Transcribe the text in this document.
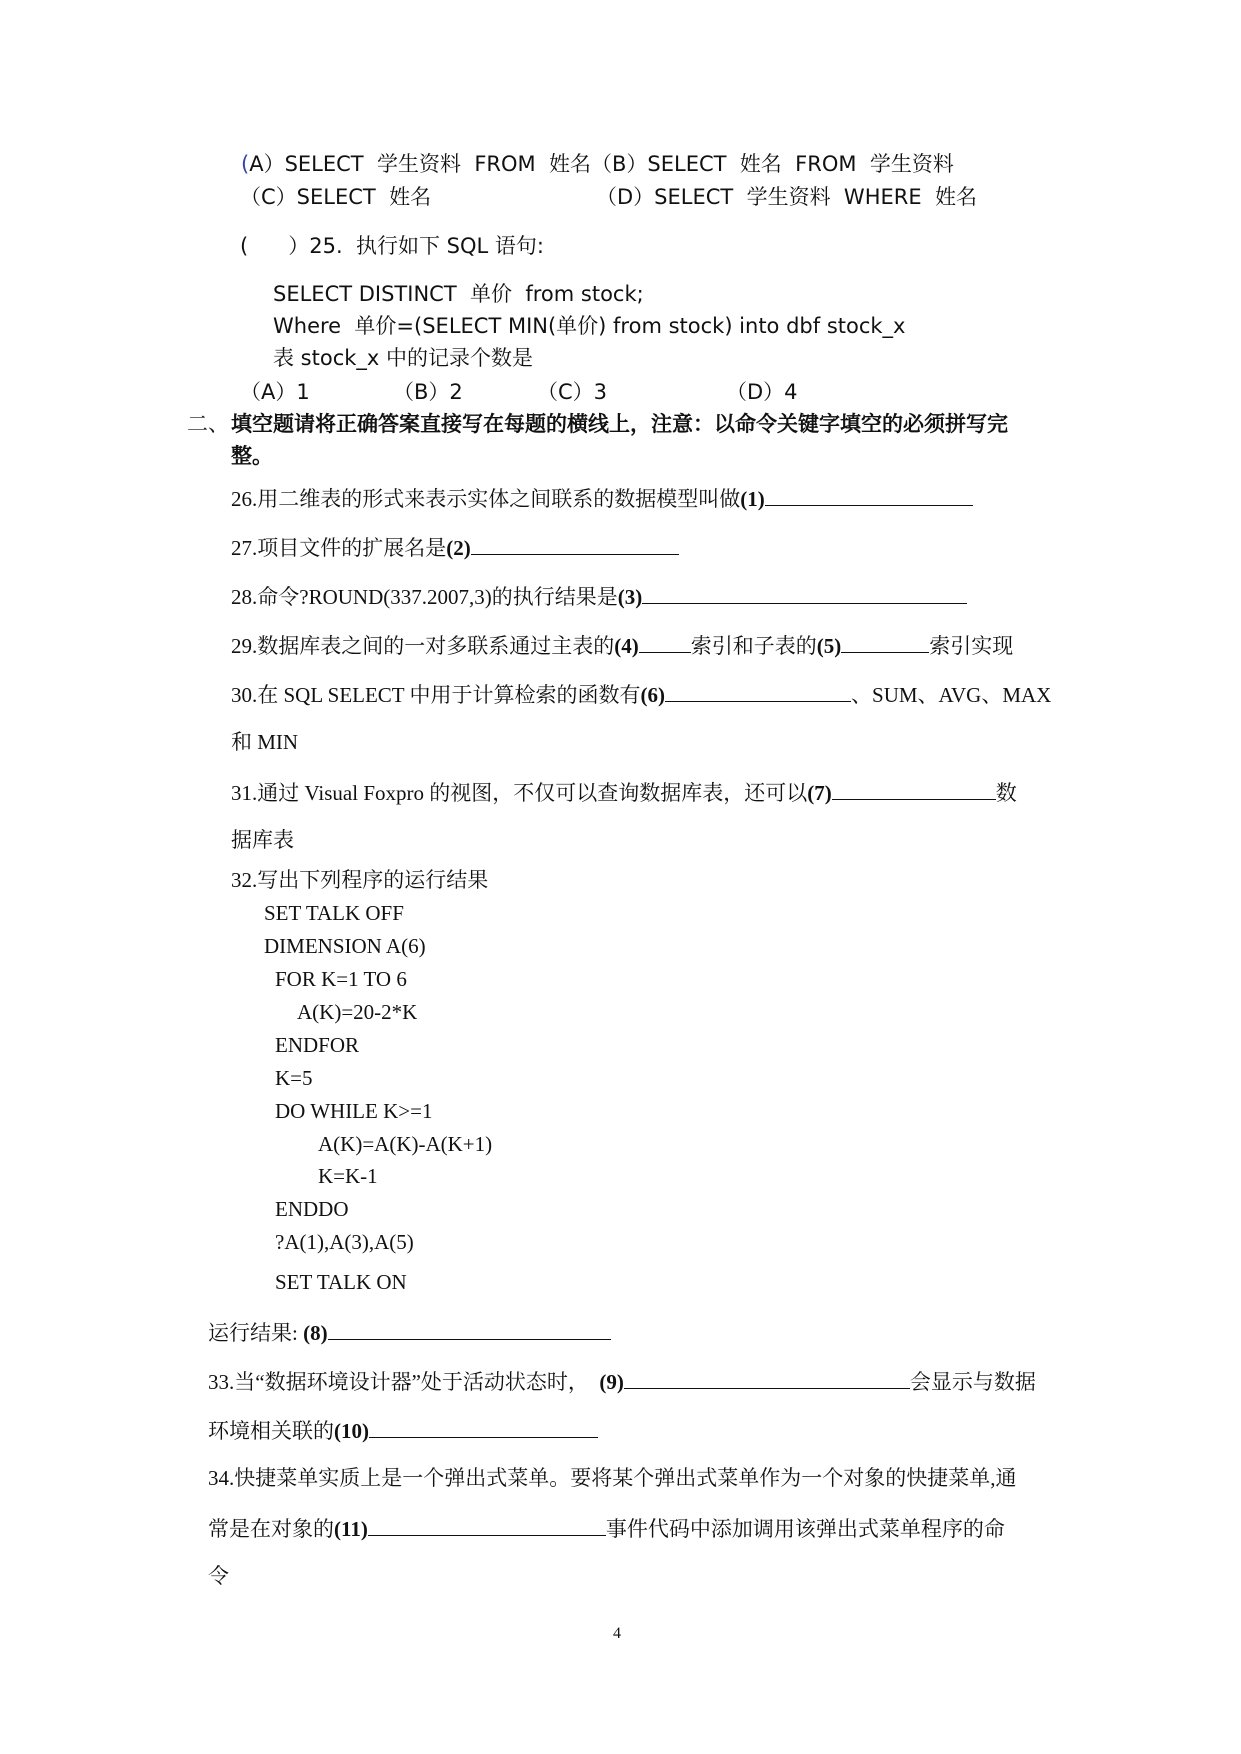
(A）SELECT  学生资料  FROM  姓名（B）SELECT  姓名  FROM  学生资料
（C）SELECT  姓名	（D）SELECT  学生资料  WHERE  姓名
(      ）25.  执行如下 SQL 语句:
SELECT DISTINCT  单价  from stock;
Where  单价=(SELECT MIN(单价) from stock) into dbf stock_x
表 stock_x 中的记录个数是
（A）1	（B）2	（C）3	（D）4
二、 填空题请将正确答案直接写在每题的横线上，注意：以命令关键字填空的必须拼写完
整。
26.用二维表的形式来表示实体之间联系的数据模型叫做(1)
27.项目文件的扩展名是(2)
28.命令?ROUND(337.2007,3)的执行结果是(3)
29.数据库表之间的一对多联系通过主表的(4) 索引和子表的(5)	索引实现
30.在 SQL SELECT 中用于计算检索的函数有(6)	、SUM、AVG、MAX
和 MIN
31.通过 Visual Foxpro 的视图，不仅可以查询数据库表，还可以(7)	数
据库表
32.写出下列程序的运行结果
SET TALK OFF
DIMENSION A(6)
FOR K=1 TO 6
A(K)=20-2*K
ENDFOR
K=5
DO WHILE K>=1
A(K)=A(K)-A(K+1)
K=K-1
ENDDO
?A(1),A(3),A(5)
SET TALK ON
运行结果: (8)
33.当“数据环境设计器”处于活动状态时，  (9)	会显示与数据
环境相关联的(10)
34.快捷菜单实质上是一个弹出式菜单。要将某个弹出式菜单作为一个对象的快捷菜单,通
常是在对象的(11)	事件代码中添加调用该弹出式菜单程序的命
令
4
